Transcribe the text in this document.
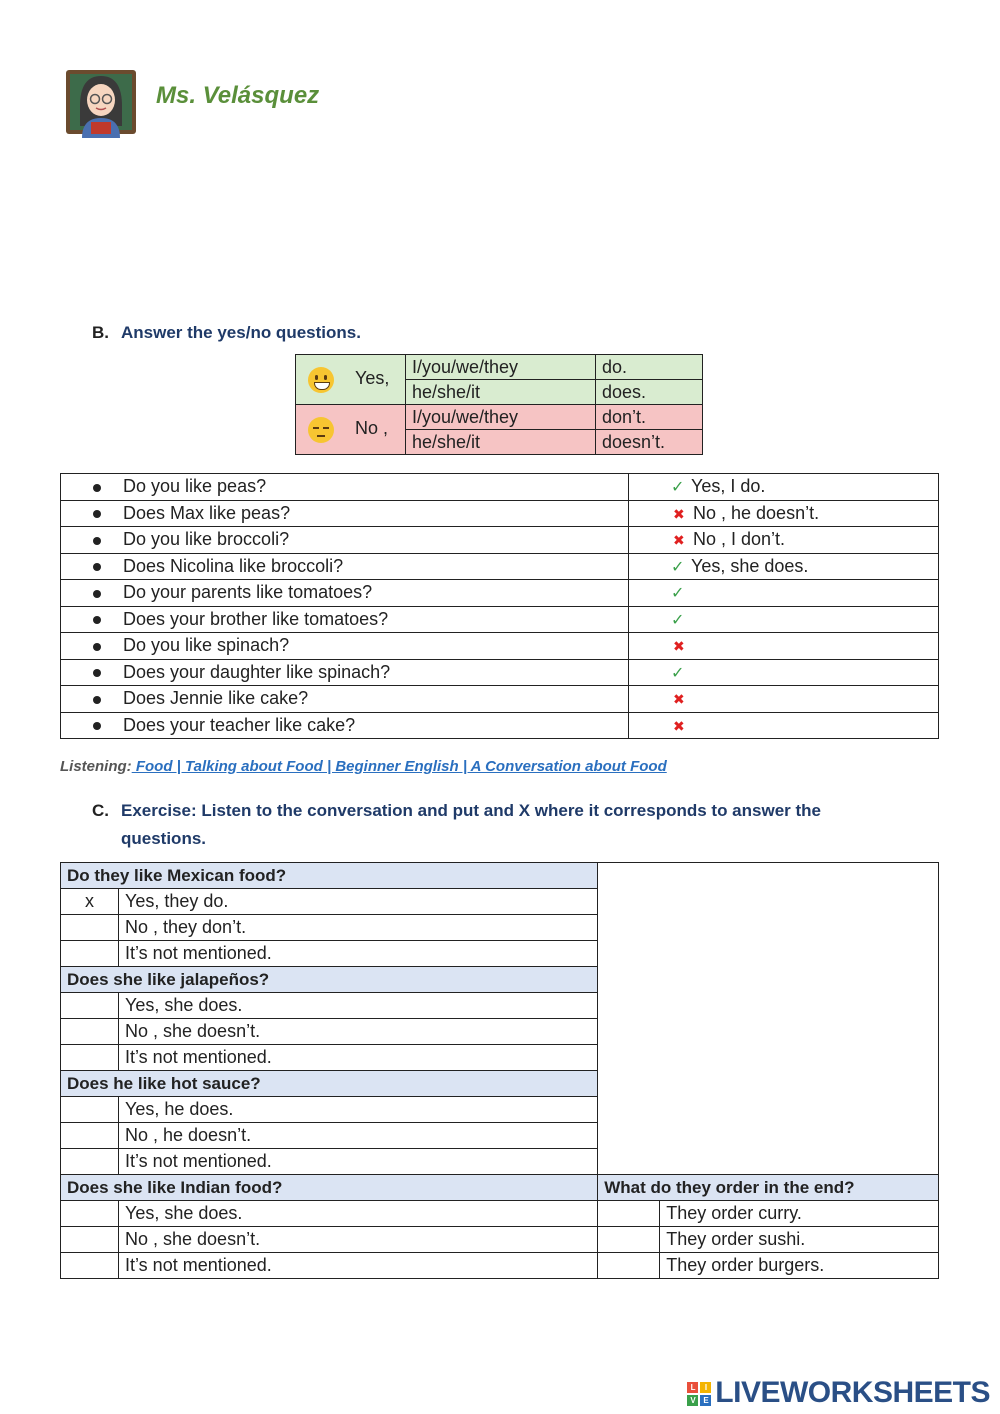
Ms. Velásquez
B. Answer the yes/no questions.
Yes,	I/you/we/they	do.
	he/she/it	does.

No ,	I/you/we/they	don’t.
	he/she/it	doesn’t.
Do you like peas?	✓ Yes, I do.
Does Max like peas?	✖ No , he doesn’t.
Do you like broccoli?	✖ No , I don’t.
Does Nicolina like broccoli?	✓ Yes, she does.
Do your parents like tomatoes?	✓
Does your brother like tomatoes?	✓
Do you like spinach?	✖
Does your daughter like spinach?	✓
Does Jennie like cake?	✖
Does your teacher like cake?	✖
Listening: Food | Talking about Food | Beginner English | A Conversation about Food
C. Exercise: Listen to the conversation and put and X where it corresponds to answer the
questions.
Do they like Mexican food?			
x	Yes, they do.		
	No , they don’t.		
	It’s not mentioned.		
Does she like jalapeños?			
	Yes, she does.		
	No , she doesn’t.		
	It’s not mentioned.		
Does he like hot sauce?			
	Yes, he does.		
	No , he doesn’t.		
	It’s not mentioned.		
Does she like Indian food?		What do they order in the end?	
	Yes, she does.		They order curry.
	No , she doesn’t.		They order sushi.
	It’s not mentioned.		They order burgers.
L	I
V	E LIVEWORKSHEETS
